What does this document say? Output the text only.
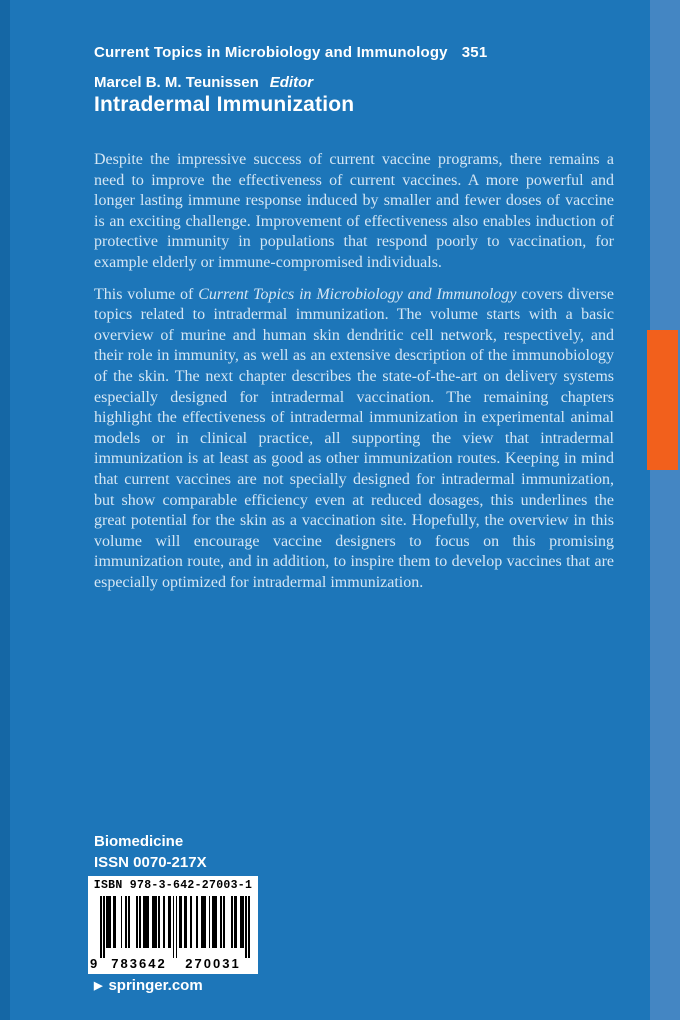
Current Topics in Microbiology and Immunology 351
Marcel B. M. Teunissen Editor
Intradermal Immunization

Despite the impressive success of current vaccine programs, there remains a need to improve the effectiveness of current vaccines. A more powerful and longer lasting immune response induced by smaller and fewer doses of vaccine is an exciting challenge. Improvement of effectiveness also enables induction of protective immunity in populations that respond poorly to vaccination, for example elderly or immune-compromised individuals.

This volume of Current Topics in Microbiology and Immunology covers diverse topics related to intradermal immunization. The volume starts with a basic overview of murine and human skin dendritic cell network, respectively, and their role in immunity, as well as an extensive description of the immunobiology of the skin. The next chapter describes the state-of-the-art on delivery systems especially designed for intradermal vaccination. The remaining chapters highlight the effectiveness of intradermal immunization in experimental animal models or in clinical practice, all supporting the view that intradermal immunization is at least as good as other immunization routes. Keeping in mind that current vaccines are not specially designed for intradermal immunization, but show comparable efficiency even at reduced dosages, this underlines the great potential for the skin as a vaccination site. Hopefully, the overview in this volume will encourage vaccine designers to focus on this promising immunization route, and in addition, to inspire them to develop vaccines that are especially optimized for intradermal immunization.

Biomedicine
ISSN 0070-217X
ISBN 978-3-642-27003-1
9 783642 270031
▶ springer.com
